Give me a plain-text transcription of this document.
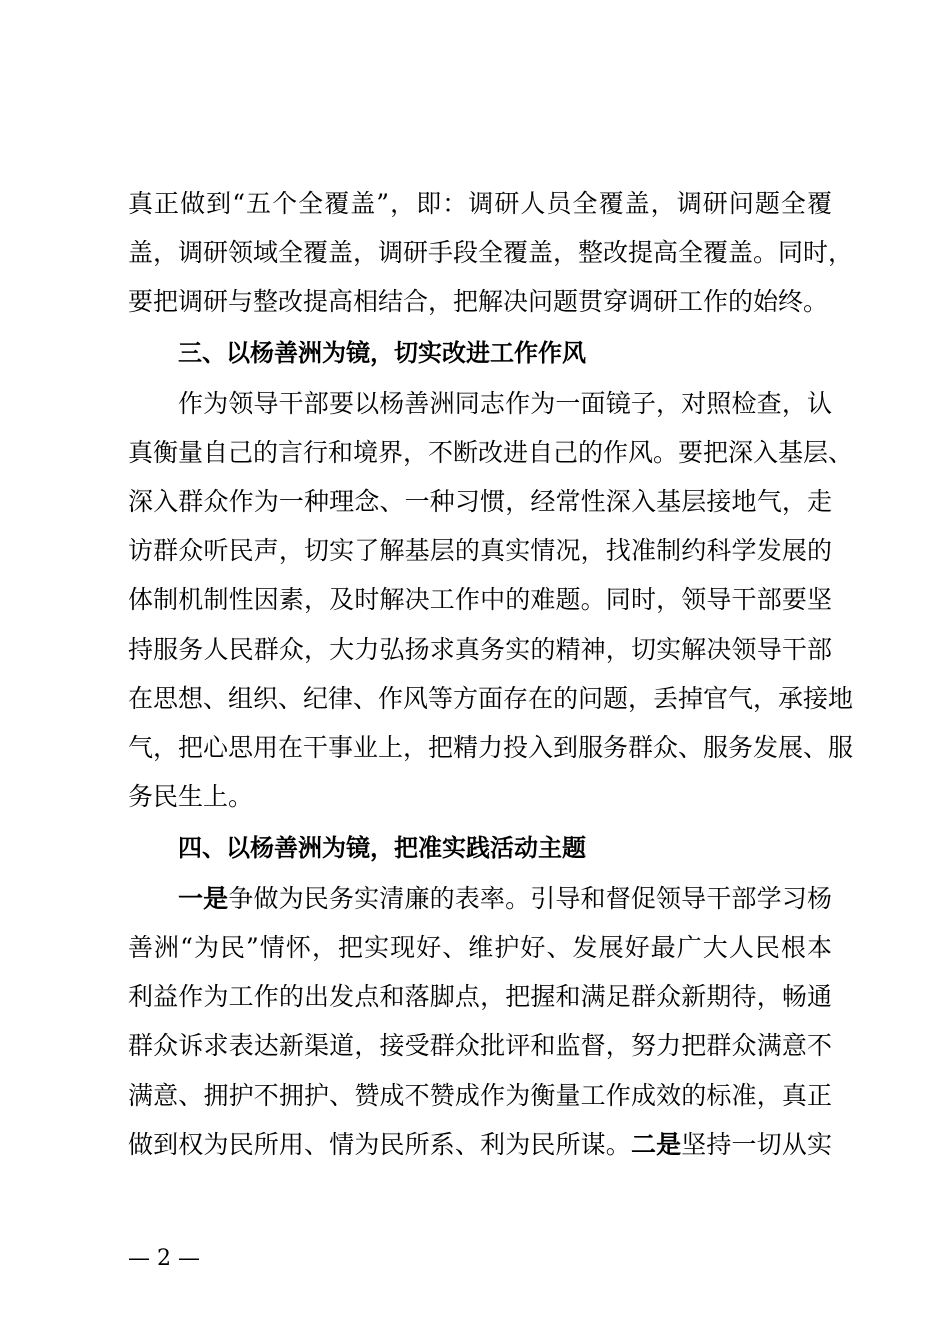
真正做到“五个全覆盖”，即：调研人员全覆盖，调研问题全覆
盖，调研领域全覆盖，调研手段全覆盖，整改提高全覆盖。同时，
要把调研与整改提高相结合，把解决问题贯穿调研工作的始终。
三、以杨善洲为镜，切实改进工作作风
作为领导干部要以杨善洲同志作为一面镜子，对照检查，认
真衡量自己的言行和境界，不断改进自己的作风。要把深入基层、
深入群众作为一种理念、一种习惯，经常性深入基层接地气，走
访群众听民声，切实了解基层的真实情况，找准制约科学发展的
体制机制性因素，及时解决工作中的难题。同时，领导干部要坚
持服务人民群众，大力弘扬求真务实的精神，切实解决领导干部
在思想、组织、纪律、作风等方面存在的问题，丢掉官气，承接地
气，把心思用在干事业上，把精力投入到服务群众、服务发展、服
务民生上。
四、以杨善洲为镜，把准实践活动主题
一是争做为民务实清廉的表率。引导和督促领导干部学习杨
善洲“为民”情怀，把实现好、维护好、发展好最广大人民根本
利益作为工作的出发点和落脚点，把握和满足群众新期待，畅通
群众诉求表达新渠道，接受群众批评和监督，努力把群众满意不
满意、拥护不拥护、赞成不赞成作为衡量工作成效的标准，真正
做到权为民所用、情为民所系、利为民所谋。二是坚持一切从实
— 2 —
